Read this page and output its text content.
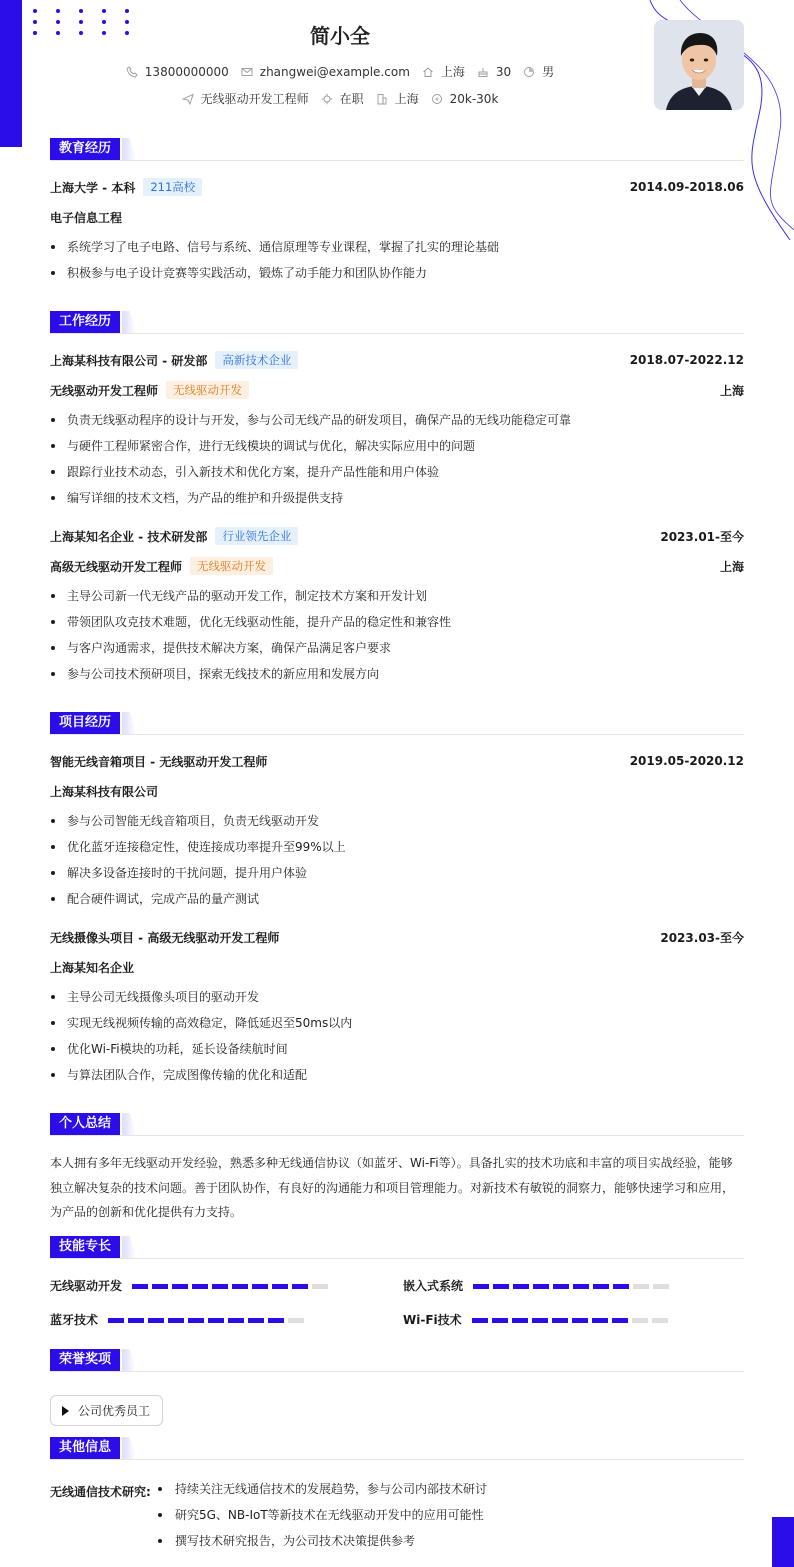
简小全
13800000000	zhangwei@example.com	上海	30	男
无线驱动开发工程师	在职	上海	20k-30k
教育经历
上海大学 - 本科	211高校	2014.09-2018.06
电子信息工程
系统学习了电子电路、信号与系统、通信原理等专业课程，掌握了扎实的理论基础
积极参与电子设计竞赛等实践活动，锻炼了动手能力和团队协作能力
工作经历
上海某科技有限公司 - 研发部	高新技术企业	2018.07-2022.12
无线驱动开发工程师	无线驱动开发	上海
负责无线驱动程序的设计与开发，参与公司无线产品的研发项目，确保产品的无线功能稳定可靠
与硬件工程师紧密合作，进行无线模块的调试与优化，解决实际应用中的问题
跟踪行业技术动态，引入新技术和优化方案，提升产品性能和用户体验
编写详细的技术文档，为产品的维护和升级提供支持
上海某知名企业 - 技术研发部	行业领先企业	2023.01-至今
高级无线驱动开发工程师	无线驱动开发	上海
主导公司新一代无线产品的驱动开发工作，制定技术方案和开发计划
带领团队攻克技术难题，优化无线驱动性能，提升产品的稳定性和兼容性
与客户沟通需求，提供技术解决方案，确保产品满足客户要求
参与公司技术预研项目，探索无线技术的新应用和发展方向
项目经历
智能无线音箱项目 - 无线驱动开发工程师	2019.05-2020.12
上海某科技有限公司
参与公司智能无线音箱项目，负责无线驱动开发
优化蓝牙连接稳定性，使连接成功率提升至99%以上
解决多设备连接时的干扰问题，提升用户体验
配合硬件调试，完成产品的量产测试
无线摄像头项目 - 高级无线驱动开发工程师	2023.03-至今
上海某知名企业
主导公司无线摄像头项目的驱动开发
实现无线视频传输的高效稳定，降低延迟至50ms以内
优化Wi-Fi模块的功耗，延长设备续航时间
与算法团队合作，完成图像传输的优化和适配
个人总结
本人拥有多年无线驱动开发经验，熟悉多种无线通信协议（如蓝牙、Wi-Fi等）。具备扎实的技术功底和丰富的项目实战经验，能够独立解决复杂的技术问题。善于团队协作，有良好的沟通能力和项目管理能力。对新技术有敏锐的洞察力，能够快速学习和应用，为产品的创新和优化提供有力支持。
技能专长
无线驱动开发	嵌入式系统
蓝牙技术	Wi-Fi技术
荣誉奖项
公司优秀员工
其他信息
无线通信技术研究:	持续关注无线通信技术的发展趋势，参与公司内部技术研讨
研究5G、NB-IoT等新技术在无线驱动开发中的应用可能性
撰写技术研究报告，为公司技术决策提供参考
